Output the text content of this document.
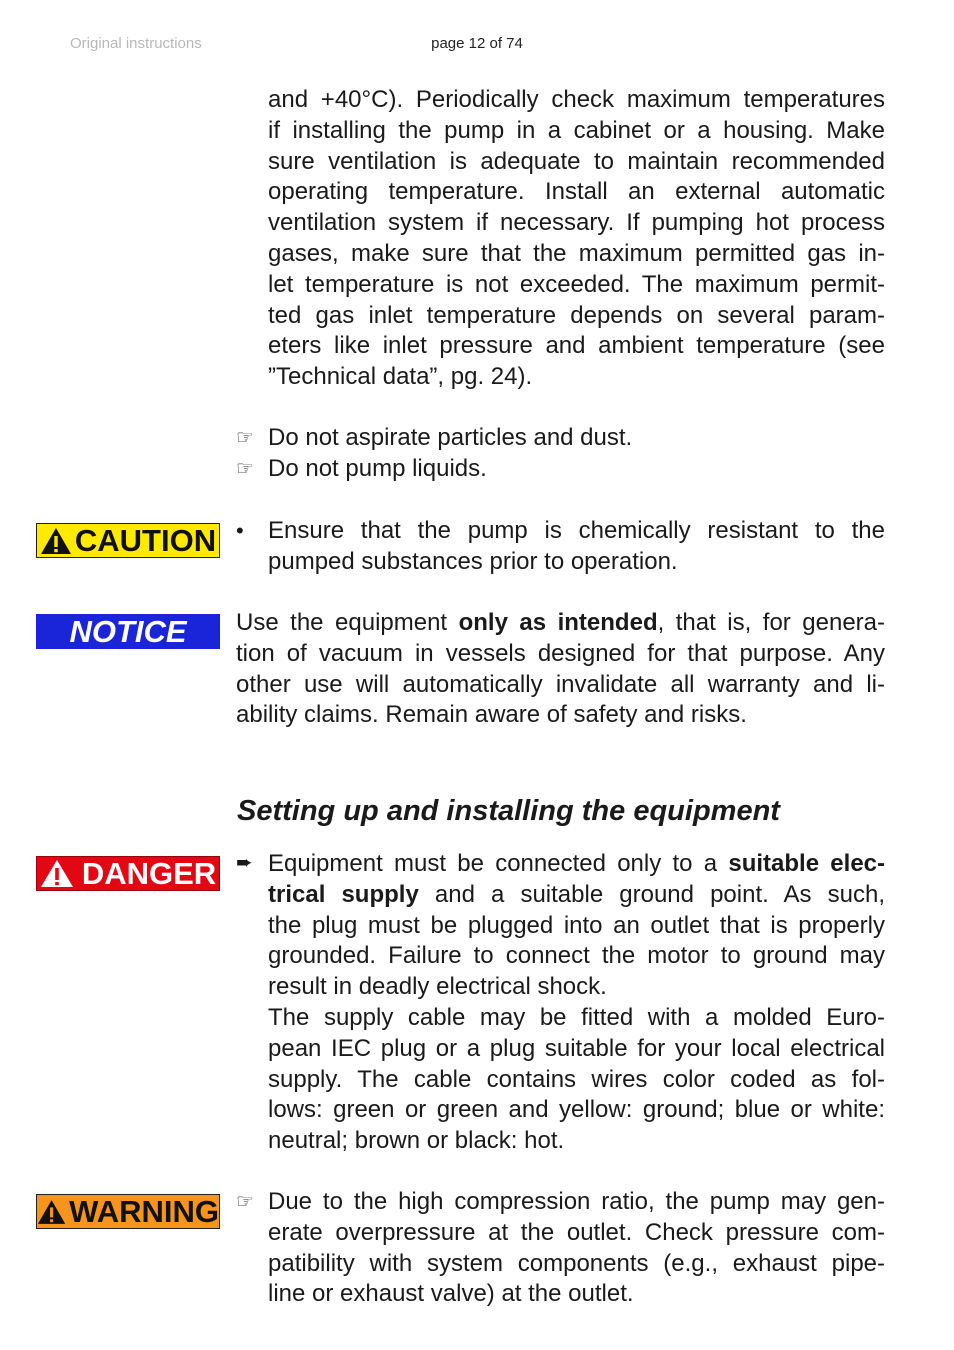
Original instructions	page 12 of 74
and +40°C). Periodically check maximum temperatures
if installing the pump in a cabinet or a housing. Make
sure ventilation is adequate to maintain recommended
operating temperature. Install an external automatic
ventilation system if necessary. If pumping hot process
gases, make sure that the maximum permitted gas in-
let temperature is not exceeded. The maximum permit-
ted gas inlet temperature depends on several param-
eters like inlet pressure and ambient temperature (see
”Technical data”, pg. 24).
☞ Do not aspirate particles and dust.
☞ Do not pump liquids.
CAUTION • Ensure that the pump is chemically resistant to the
pumped substances prior to operation.
NOTICE Use the equipment only as intended, that is, for genera-
tion of vacuum in vessels designed for that purpose. Any
other use will automatically invalidate all warranty and li-
ability claims. Remain aware of safety and risks.
Setting up and installing the equipment
DANGER ➨ Equipment must be connected only to a suitable elec-
trical supply and a suitable ground point. As such,
the plug must be plugged into an outlet that is properly
grounded. Failure to connect the motor to ground may
result in deadly electrical shock.
The supply cable may be fitted with a molded Euro-
pean IEC plug or a plug suitable for your local electrical
supply. The cable contains wires color coded as fol-
lows: green or green and yellow: ground; blue or white:
neutral; brown or black: hot.
WARNING ☞ Due to the high compression ratio, the pump may gen-
erate overpressure at the outlet. Check pressure com-
patibility with system components (e.g., exhaust pipe-
line or exhaust valve) at the outlet.
